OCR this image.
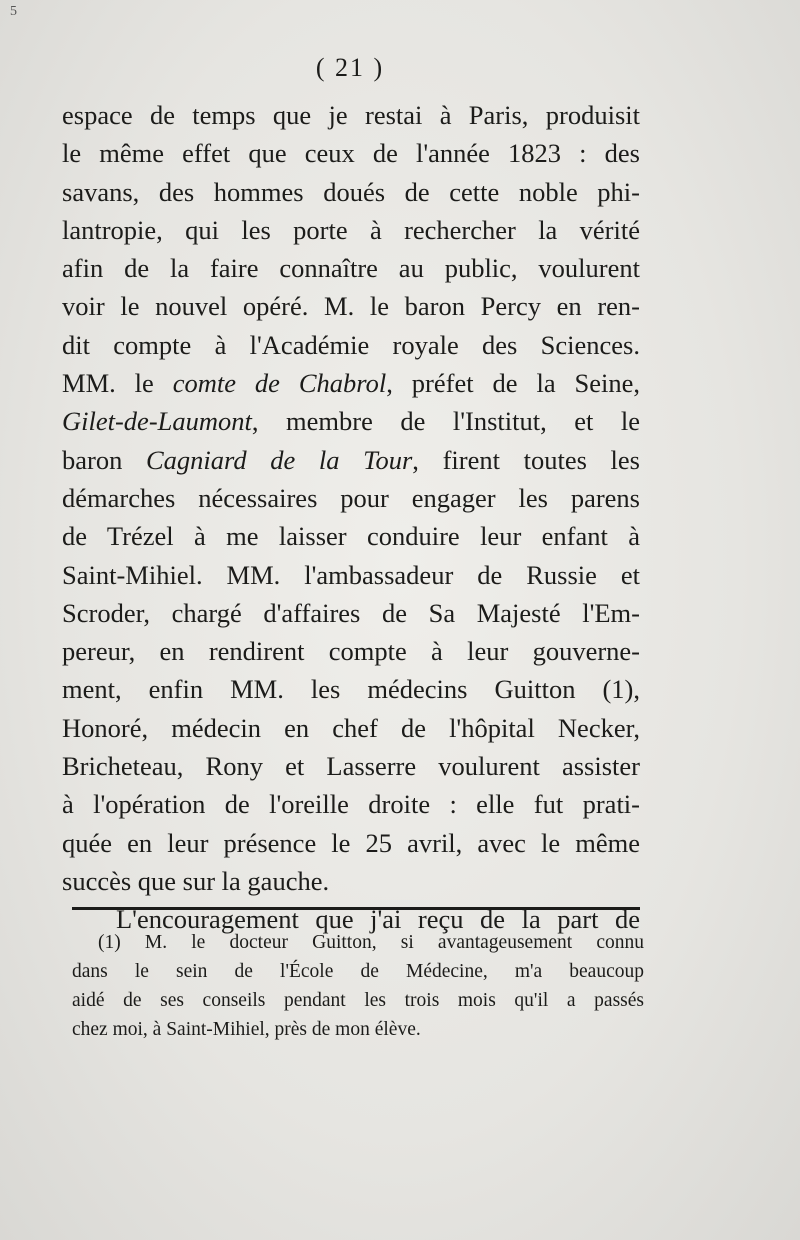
5
( 21 )
espace de temps que je restai à Paris, produisit
le même effet que ceux de l'année 1823 : des
savans, des hommes doués de cette noble phi-
lantropie, qui les porte à rechercher la vérité
afin de la faire connaître au public, voulurent
voir le nouvel opéré. M. le baron Percy en ren-
dit compte à l'Académie royale des Sciences.
MM. le comte de Chabrol, préfet de la Seine,
Gilet-de-Laumont, membre de l'Institut, et le
baron Cagniard de la Tour, firent toutes les
démarches nécessaires pour engager les parens
de Trézel à me laisser conduire leur enfant à
Saint-Mihiel. MM. l'ambassadeur de Russie et
Scroder, chargé d'affaires de Sa Majesté l'Em-
pereur, en rendirent compte à leur gouverne-
ment, enfin MM. les médecins Guitton (1),
Honoré, médecin en chef de l'hôpital Necker,
Bricheteau, Rony et Lasserre voulurent assister
à l'opération de l'oreille droite : elle fut prati-
quée en leur présence le 25 avril, avec le même
succès que sur la gauche.
L'encouragement que j'ai reçu de la part de
(1) M. le docteur Guitton, si avantageusement connu
dans le sein de l'École de Médecine, m'a beaucoup
aidé de ses conseils pendant les trois mois qu'il a passés
chez moi, à Saint-Mihiel, près de mon élève.
